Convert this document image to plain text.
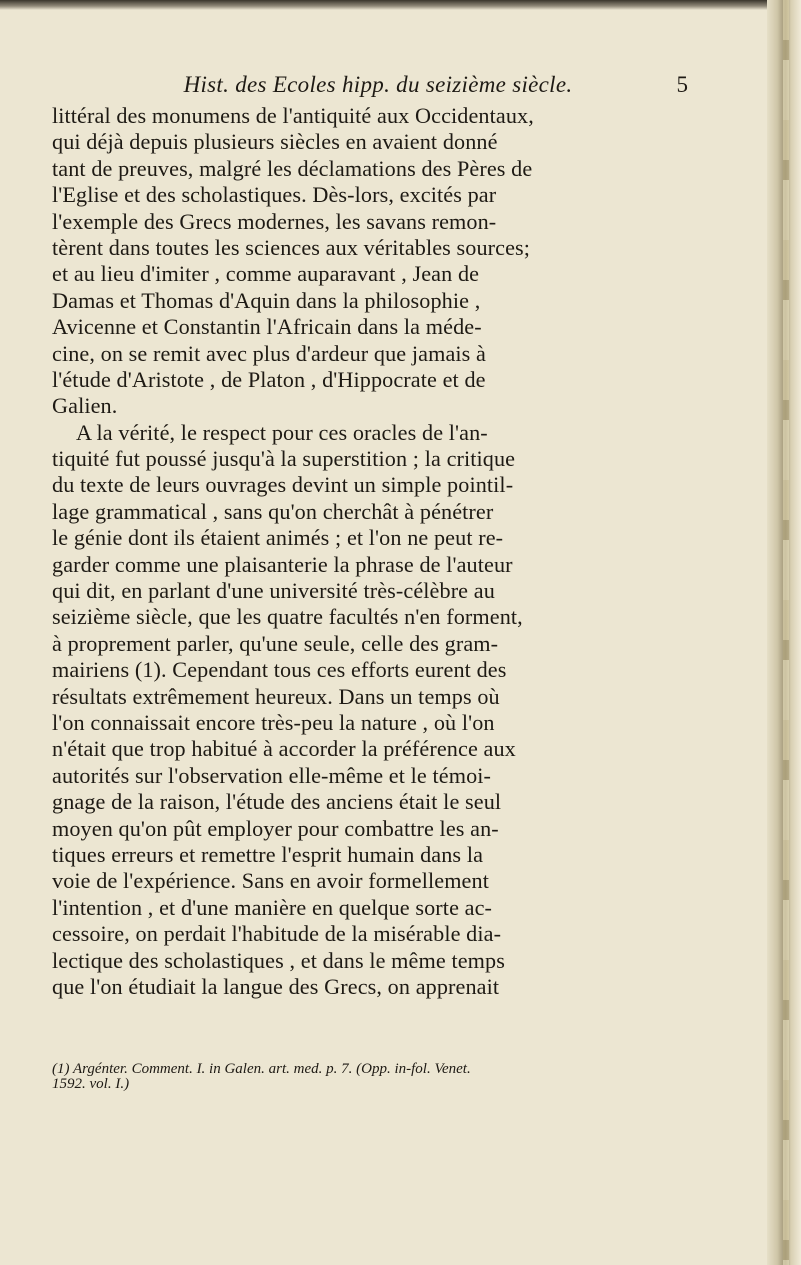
Hist. des Ecoles hipp. du seizième siècle.	5
littéral des monumens de l'antiquité aux Occidentaux,
qui déjà depuis plusieurs siècles en avaient donné
tant de preuves, malgré les déclamations des Pères de
l'Eglise et des scholastiques. Dès-lors, excités par
l'exemple des Grecs modernes, les savans remon-
tèrent dans toutes les sciences aux véritables sources;
et au lieu d'imiter , comme auparavant , Jean de
Damas et Thomas d'Aquin dans la philosophie ,
Avicenne et Constantin l'Africain dans la méde-
cine, on se remit avec plus d'ardeur que jamais à
l'étude d'Aristote , de Platon , d'Hippocrate et de
Galien.
A la vérité, le respect pour ces oracles de l'an-
tiquité fut poussé jusqu'à la superstition ; la critique
du texte de leurs ouvrages devint un simple pointil-
lage grammatical , sans qu'on cherchât à pénétrer
le génie dont ils étaient animés ; et l'on ne peut re-
garder comme une plaisanterie la phrase de l'auteur
qui dit, en parlant d'une université très-célèbre au
seizième siècle, que les quatre facultés n'en forment,
à proprement parler, qu'une seule, celle des gram-
mairiens (1). Cependant tous ces efforts eurent des
résultats extrêmement heureux. Dans un temps où
l'on connaissait encore très-peu la nature , où l'on
n'était que trop habitué à accorder la préférence aux
autorités sur l'observation elle-même et le témoi-
gnage de la raison, l'étude des anciens était le seul
moyen qu'on pût employer pour combattre les an-
tiques erreurs et remettre l'esprit humain dans la
voie de l'expérience. Sans en avoir formellement
l'intention , et d'une manière en quelque sorte ac-
cessoire, on perdait l'habitude de la misérable dia-
lectique des scholastiques , et dans le même temps
que l'on étudiait la langue des Grecs, on apprenait
(1) Argénter. Comment. I. in Galen. art. med. p. 7. (Opp. in-fol. Venet.
1592. vol. I.)
